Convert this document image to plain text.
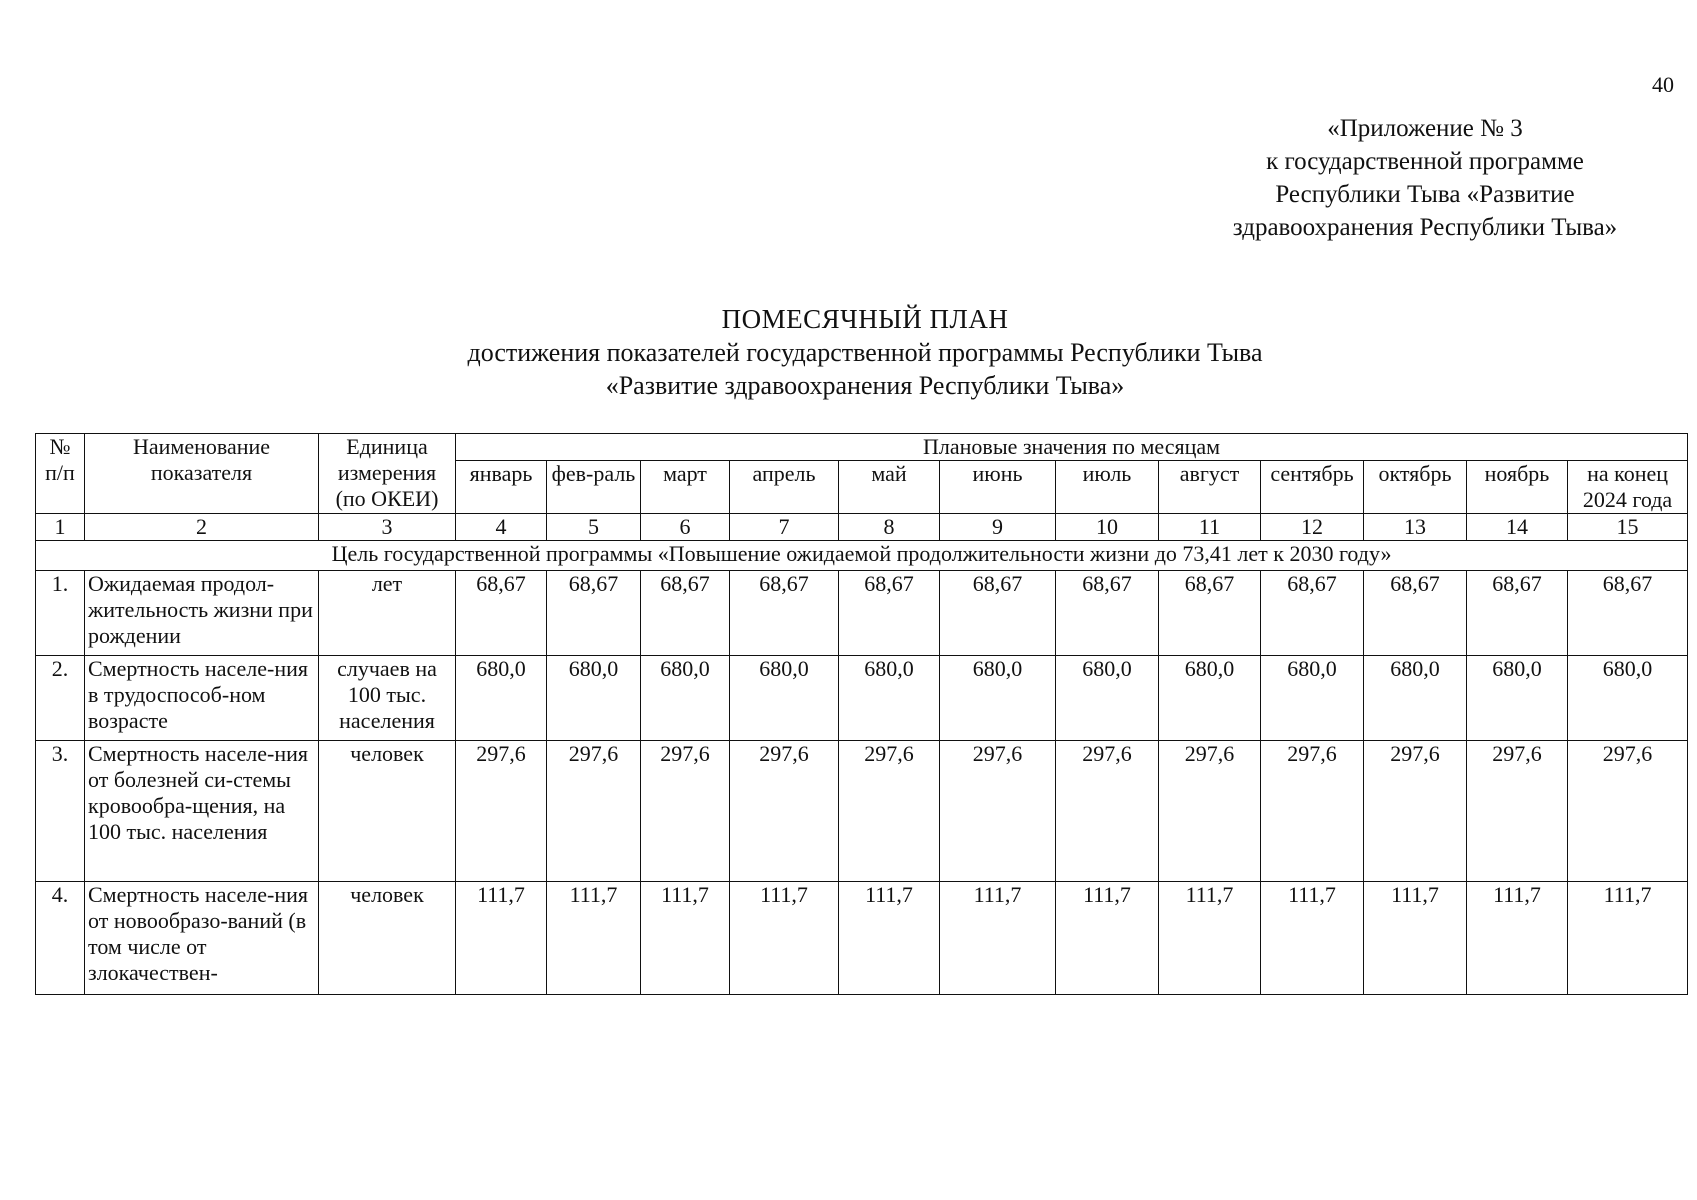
40
«Приложение № 3
к государственной программе
Республики Тыва «Развитие
здравоохранения Республики Тыва»
ПОМЕСЯЧНЫЙ ПЛАН
достижения показателей государственной программы Республики Тыва
«Развитие здравоохранения Республики Тыва»
№ п/п	Наименование показателя	Единица измерения (по ОКЕИ)	Плановые значения по месяцам											
			январь	фев-раль	март	апрель	май	июнь	июль	август	сентябрь	октябрь	ноябрь	на конец 2024 года
1	2	3	4	5	6	7	8	9	10	11	12	13	14	15
Цель государственной программы «Повышение ожидаемой продолжительности жизни до 73,41 лет к 2030 году»														
1.	Ожидаемая продол-жительность жизни при рождении	лет	68,67	68,67	68,67	68,67	68,67	68,67	68,67	68,67	68,67	68,67	68,67	68,67
2.	Смертность населе-ния в трудоспособ-ном возрасте	случаев на 100 тыс. населения	680,0	680,0	680,0	680,0	680,0	680,0	680,0	680,0	680,0	680,0	680,0	680,0
3.	Смертность населе-ния от болезней си-стемы кровообра-щения, на 100 тыс. населения	человек	297,6	297,6	297,6	297,6	297,6	297,6	297,6	297,6	297,6	297,6	297,6	297,6
4.	Смертность населе-ния от новообразо-ваний (в том числе от злокачествен-	человек	111,7	111,7	111,7	111,7	111,7	111,7	111,7	111,7	111,7	111,7	111,7	111,7
